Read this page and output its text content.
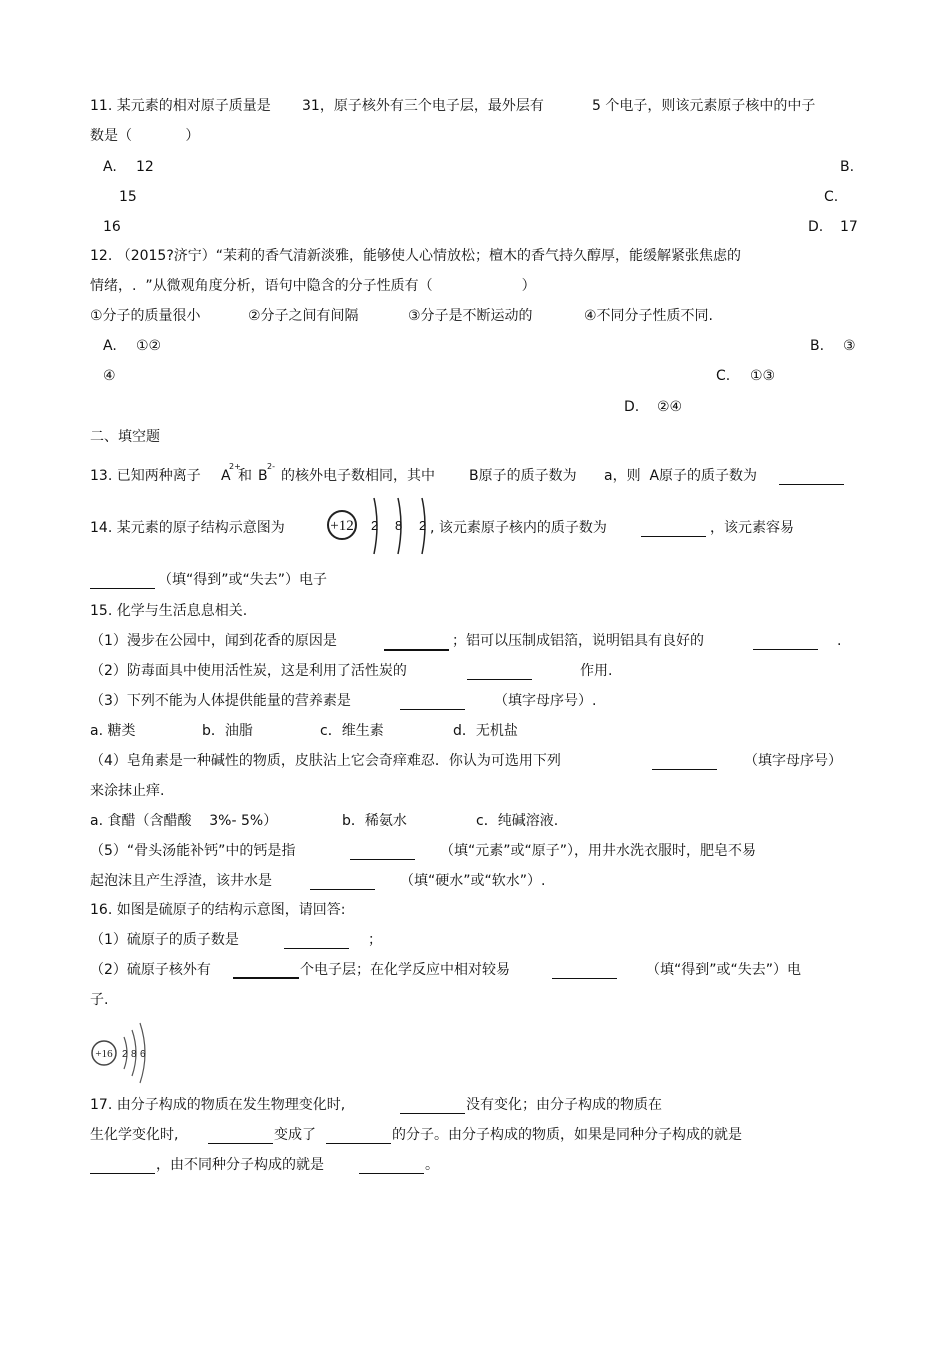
11. 某元素的相对原子质量是 31，原子核外有三个电子层，最外层有	5 个电子，则该元素原子核中的中子
数是（            ）
A. 12	B.
15	C.
16	D. 17
12. （2015?济宁）“茉莉的香气清新淡雅，能够使人心情放松；檀木的香气持久醇厚，能缓解紧张焦虑的
情绪，.  ”从微观角度分析，语句中隐含的分子性质有（                    ）
①分子的质量很小	②分子之间有间隔	③分子是不断运动的	④不同分子性质不同.
A. ①②	B. ③
④	C. ①③
D. ②④
二、填空题
13. 已知两种离子 A
2+
和 B
2-
的核外电子数相同，其中 B原子的质子数为 a，则  A原子的质子数为
14. 某元素的原子结构示意图为	+12 2 8 2 , 该元素原子核内的质子数为	，该元素容易
（填“得到”或“失去”）电子
15. 化学与生活息息相关.
（1）漫步在公园中，闻到花香的原因是	；铝可以压制成铝箔，说明铝具有良好的	.
（2）防毒面具中使用活性炭，这是利用了活性炭的	作用.
（3）下列不能为人体提供能量的营养素是	（填字母序号）.
a. 糖类	b．油脂	c．维生素	d．无机盐
（4）皂角素是一种碱性的物质，皮肤沾上它会奇痒难忍．你认为可选用下列	（填字母序号）
来涂抹止痒.
a. 食醋（含醋酸    3%- 5%）	b．稀氨水	c．纯碱溶液.
（5）“骨头汤能补钙”中的钙是指	（填“元素”或“原子”），用井水洗衣服时，肥皂不易
起泡沫且产生浮渣，该井水是	（填“硬水”或“软水”）.
16. 如图是硫原子的结构示意图，请回答:
（1）硫原子的质子数是	；
（2）硫原子核外有	个电子层；在化学反应中相对较易	（填“得到”或“失去”）电
子.
+16 2 8 6
17. 由分子构成的物质在发生物理变化时,	没有变化；由分子构成的物质在
生化学变化时,	变成了	的分子。由分子构成的物质，如果是同种分子构成的就是
，由不同种分子构成的就是	。
